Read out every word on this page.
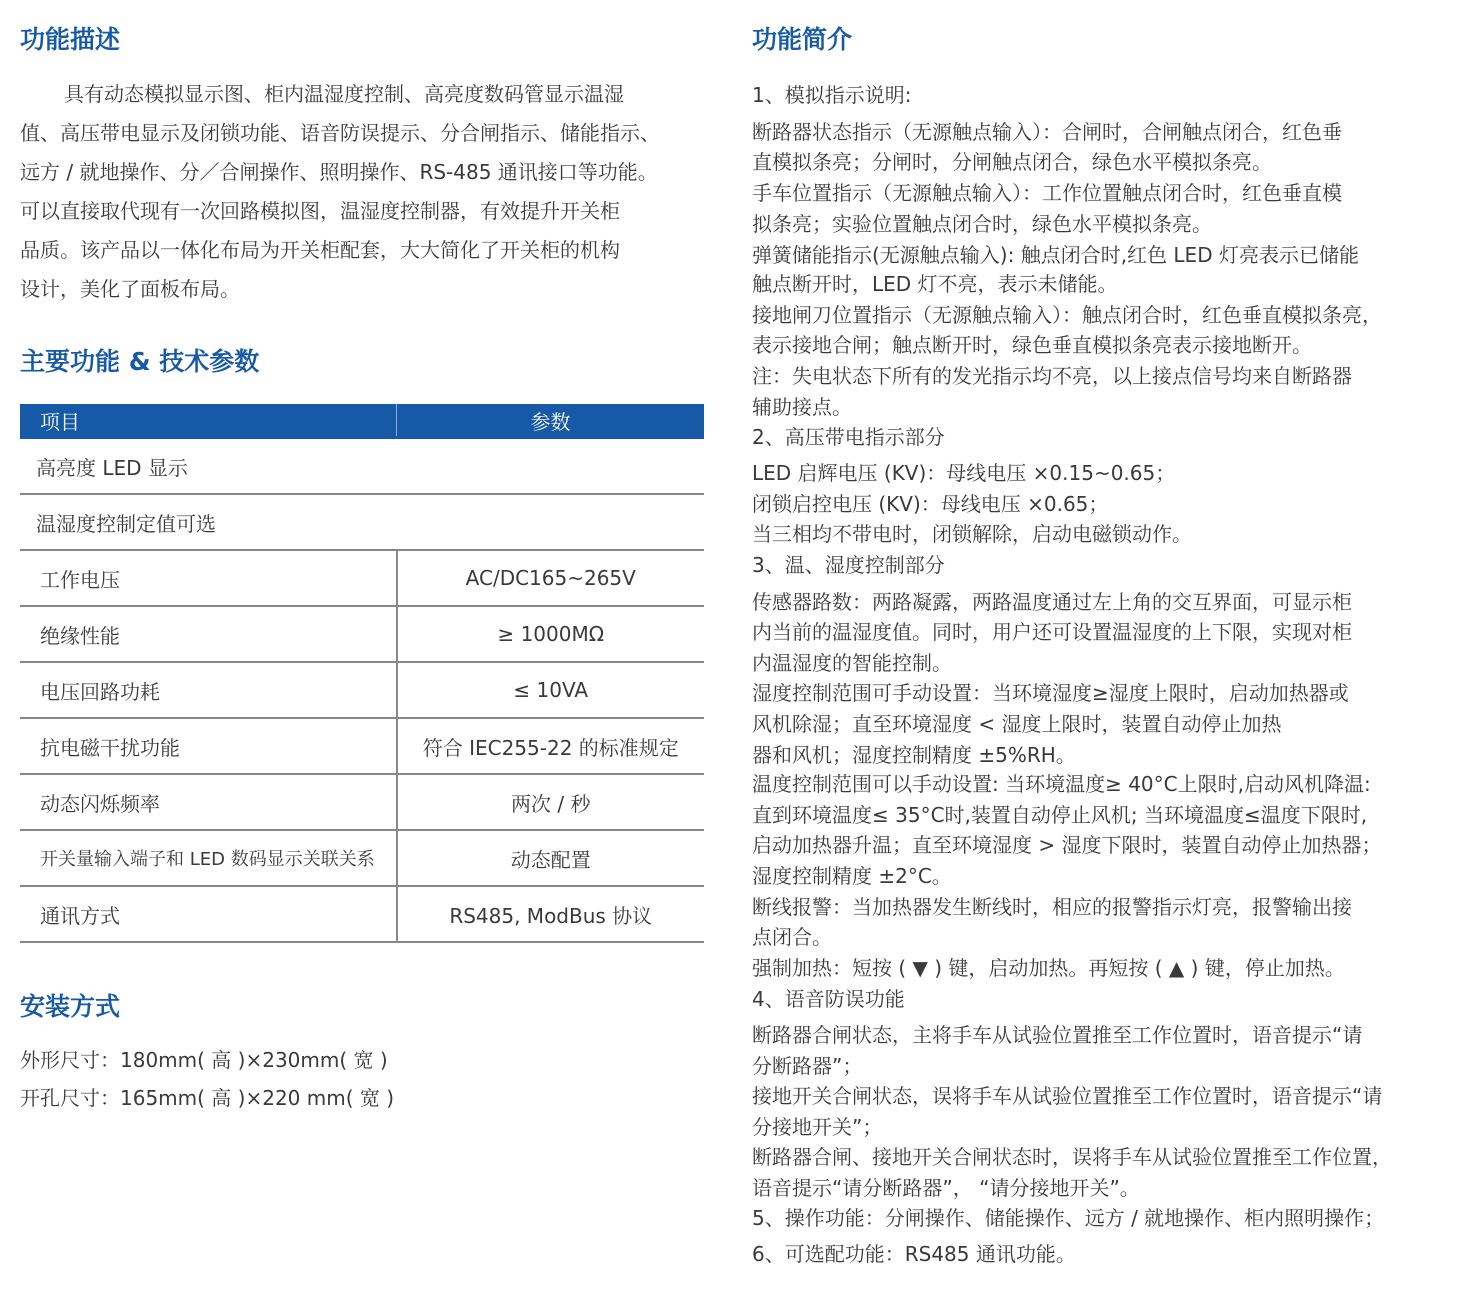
功能描述
具有动态模拟显示图、柜内温湿度控制、高亮度数码管显示温湿
值、高压带电显示及闭锁功能、语音防误提示、分合闸指示、储能指示、
远方 / 就地操作、分／合闸操作、照明操作、RS-485 通讯接口等功能。
可以直接取代现有一次回路模拟图，温湿度控制器，有效提升开关柜
品质。该产品以一体化布局为开关柜配套，大大简化了开关柜的机构
设计，美化了面板布局。
主要功能 & 技术参数
项目	参数
高亮度 LED 显示	
温湿度控制定值可选	
工作电压	AC/DC165~265V
绝缘性能	≥ 1000MΩ
电压回路功耗	≤ 10VA
抗电磁干扰功能	符合 IEC255-22 的标准规定
动态闪烁频率	两次 / 秒
开关量输入端子和 LED 数码显示关联关系	动态配置
通讯方式	RS485, ModBus 协议
安装方式
外形尺寸：180mm( 高 )×230mm( 宽 )
开孔尺寸：165mm( 高 )×220 mm( 宽 )
功能简介
1、模拟指示说明:
断路器状态指示（无源触点输入）：合闸时，合闸触点闭合，红色垂
直模拟条亮；分闸时，分闸触点闭合，绿色水平模拟条亮。
手车位置指示（无源触点输入）：工作位置触点闭合时，红色垂直模
拟条亮；实验位置触点闭合时，绿色水平模拟条亮。
弹簧储能指示(无源触点输入): 触点闭合时,红色 LED 灯亮表示已储能
触点断开时，LED 灯不亮，表示未储能。
接地闸刀位置指示（无源触点输入）：触点闭合时，红色垂直模拟条亮，
表示接地合闸；触点断开时，绿色垂直模拟条亮表示接地断开。
注：失电状态下所有的发光指示均不亮，以上接点信号均来自断路器
辅助接点。
2、高压带电指示部分
LED 启辉电压 (KV)：母线电压 ×0.15~0.65；
闭锁启控电压 (KV)：母线电压 ×0.65；
当三相均不带电时，闭锁解除，启动电磁锁动作。
3、温、湿度控制部分
传感器路数：两路凝露，两路温度通过左上角的交互界面，可显示柜
内当前的温湿度值。同时，用户还可设置温湿度的上下限，实现对柜
内温湿度的智能控制。
湿度控制范围可手动设置：当环境湿度≥湿度上限时，启动加热器或
风机除湿；直至环境湿度 < 湿度上限时，装置自动停止加热
器和风机；湿度控制精度 ±5%RH。
温度控制范围可以手动设置: 当环境温度≥ 40°C上限时,启动风机降温:
直到环境温度≤ 35°C时,装置自动停止风机; 当环境温度≤温度下限时,
启动加热器升温；直至环境湿度 > 湿度下限时，装置自动停止加热器；
湿度控制精度 ±2°C。
断线报警：当加热器发生断线时，相应的报警指示灯亮，报警输出接
点闭合。
强制加热：短按 ( ▼ ) 键，启动加热。再短按 ( ▲ ) 键，停止加热。
4、语音防误功能
断路器合闸状态，主将手车从试验位置推至工作位置时，语音提示“请
分断路器”；
接地开关合闸状态，误将手车从试验位置推至工作位置时，语音提示“请
分接地开关”；
断路器合闸、接地开关合闸状态时，误将手车从试验位置推至工作位置，
语音提示“请分断路器”， “请分接地开关”。
5、操作功能：分闸操作、储能操作、远方 / 就地操作、柜内照明操作；
6、可选配功能：RS485 通讯功能。
